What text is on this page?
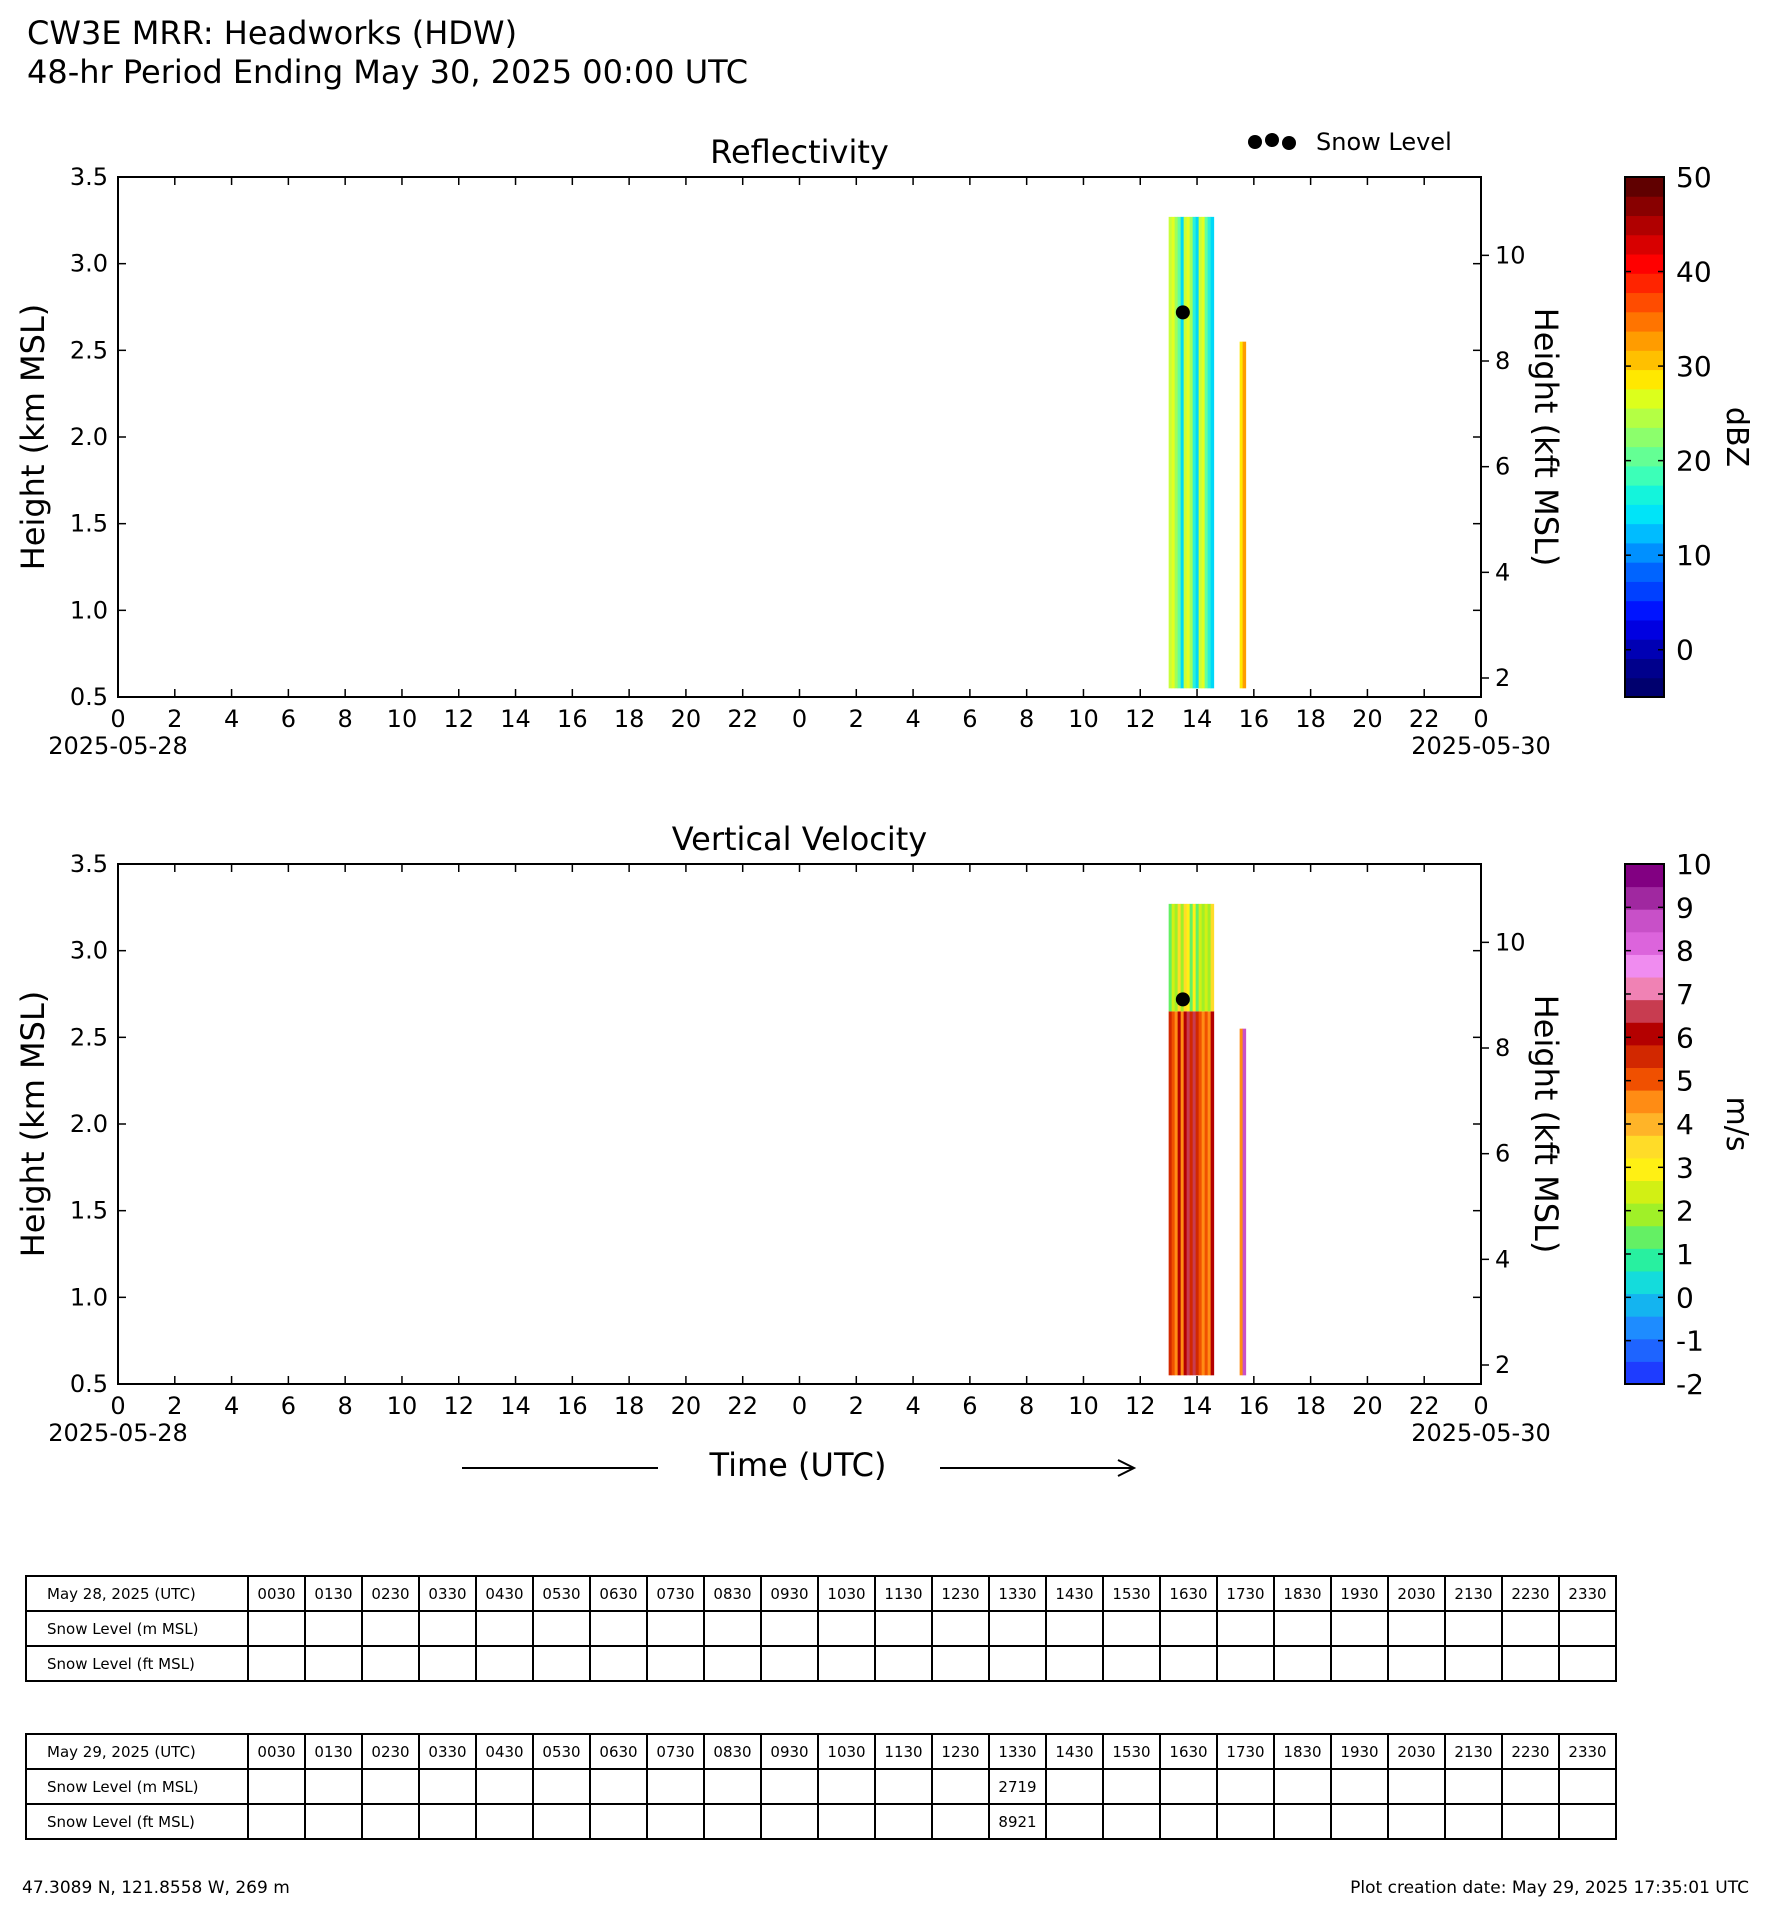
CW3E MRR: Headworks (HDW)
48-hr Period Ending May 30, 2025 00:00 UTC
Snow Level
Reflectivity
0.5
1.0
1.5
2.0
2.5
3.0
3.5
2
4
6
8
10
0 2 4 6 8 10 12 14 16 18 20 22 0 2 4 6 8 10 12 14 16 18 20 22 0
2025-05-28	2025-05-30
Height (km MSL)	Height (kft MSL)
0
10
20
30
40
50
dBZ
Vertical Velocity
0.5
1.0
1.5
2.0
2.5
3.0
3.5
2
4
6
8
10
0 2 4 6 8 10 12 14 16 18 20 22 0 2 4 6 8 10 12 14 16 18 20 22 0
2025-05-28	2025-05-30
Height (km MSL)	Height (kft MSL)
-2
-1
0
1
2
3
4
5
6
7
8
9
10
m/s
Time (UTC)
May 28, 2025 (UTC)	0030	0130	0230	0330	0430	0530	0630	0730	0830	0930	1030	1130	1230	1330	1430	1530	1630	1730	1830	1930	2030	2130	2230	2330
Snow Level (m MSL)																								
Snow Level (ft MSL)																								
May 29, 2025 (UTC)	0030	0130	0230	0330	0430	0530	0630	0730	0830	0930	1030	1130	1230	1330	1430	1530	1630	1730	1830	1930	2030	2130	2230	2330
Snow Level (m MSL)														2719										
Snow Level (ft MSL)														8921										
47.3089 N, 121.8558 W, 269 m	Plot creation date: May 29, 2025 17:35:01 UTC
